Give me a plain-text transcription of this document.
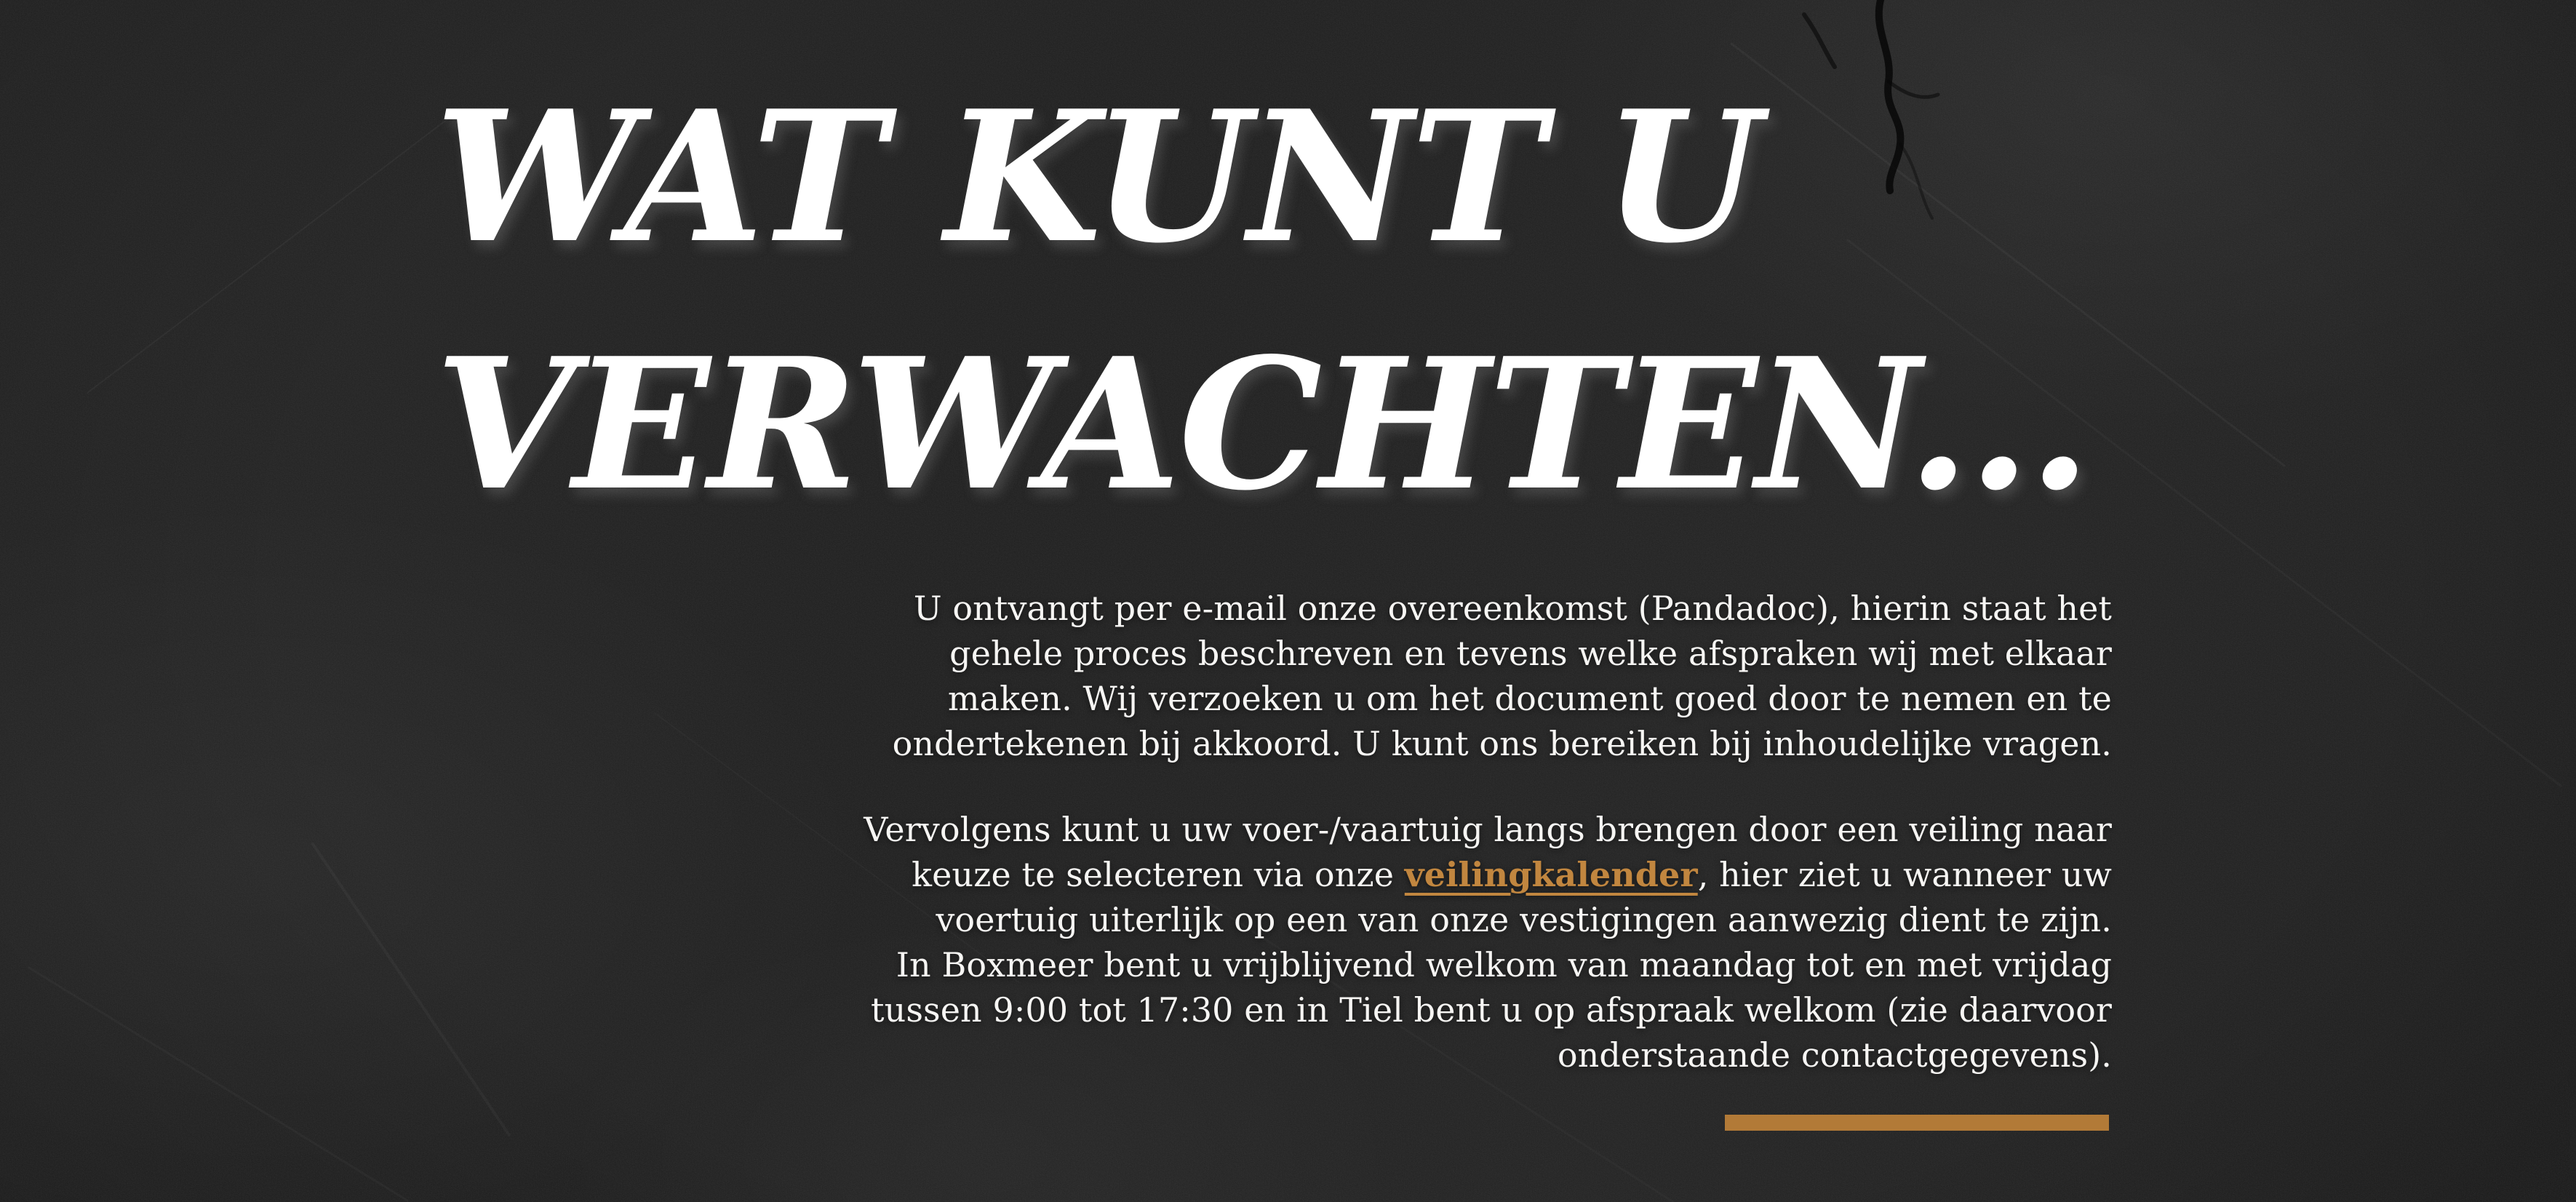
WAT KUNT U
VERWACHTEN...

U ontvangt per e-mail onze overeenkomst (Pandadoc), hierin staat het
gehele proces beschreven en tevens welke afspraken wij met elkaar
maken. Wij verzoeken u om het document goed door te nemen en te
ondertekenen bij akkoord. U kunt ons bereiken bij inhoudelijke vragen.

Vervolgens kunt u uw voer-/vaartuig langs brengen door een veiling naar
keuze te selecteren via onze veilingkalender, hier ziet u wanneer uw
voertuig uiterlijk op een van onze vestigingen aanwezig dient te zijn.
In Boxmeer bent u vrijblijvend welkom van maandag tot en met vrijdag
tussen 9:00 tot 17:30 en in Tiel bent u op afspraak welkom (zie daarvoor
onderstaande contactgegevens).
